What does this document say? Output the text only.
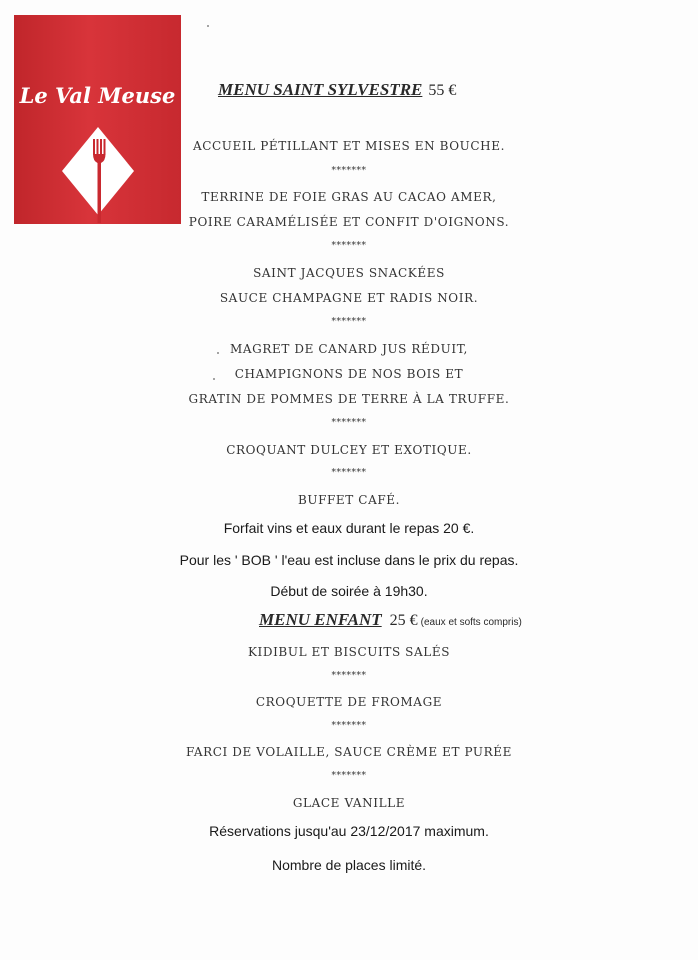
Le Val Meuse	MENU SAINT SYLVESTRE 55 €
ACCUEIL PÉTILLANT ET MISES EN BOUCHE.
*******
TERRINE DE FOIE GRAS AU CACAO AMER,
POIRE CARAMÉLISÉE ET CONFIT D'OIGNONS.
*******
SAINT JACQUES SNACKÉES
SAUCE CHAMPAGNE ET RADIS NOIR.
*******
MAGRET DE CANARD JUS RÉDUIT,
CHAMPIGNONS DE NOS BOIS ET
GRATIN DE POMMES DE TERRE À LA TRUFFE.
*******
CROQUANT DULCEY ET EXOTIQUE.
*******
BUFFET CAFÉ.
Forfait vins et eaux durant le repas 20 €.
Pour les ' BOB ' l'eau est incluse dans le prix du repas.
Début de soirée à 19h30.
MENU ENFANT 25 € (eaux et softs compris)
KIDIBUL ET BISCUITS SALÉS
*******
CROQUETTE DE FROMAGE
*******
FARCI DE VOLAILLE, SAUCE CRÈME ET PURÉE
*******
GLACE VANILLE
Réservations jusqu'au 23/12/2017 maximum.
Nombre de places limité.
